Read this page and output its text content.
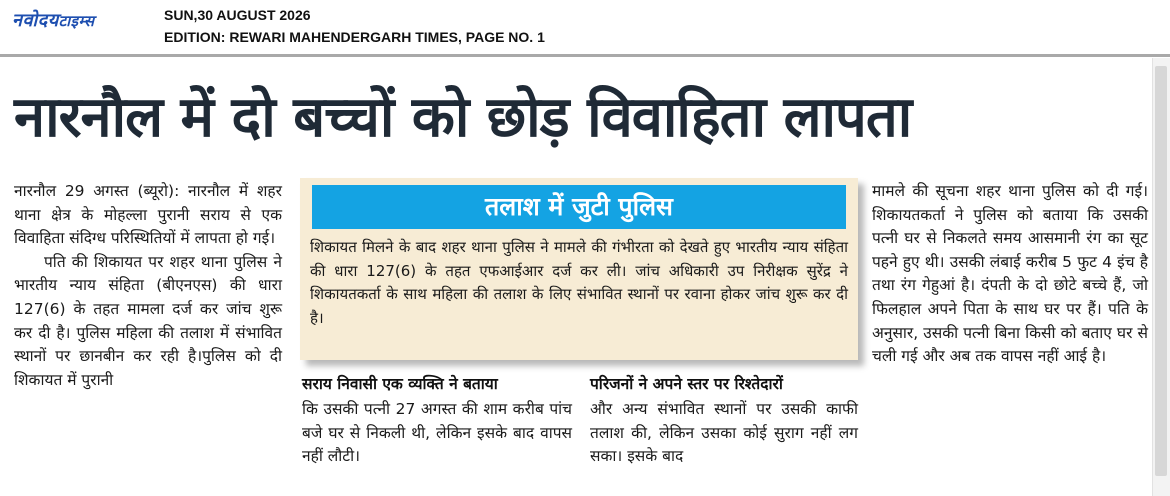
नवोदयटाइम्स	SUN,30 AUGUST 2026
EDITION: REWARI MAHENDERGARH TIMES, PAGE NO. 1
नारनौल में दो बच्चों को छोड़ विवाहिता लापता

नारनौल 29 अगस्त (ब्यूरो): नारनौल में शहर थाना क्षेत्र के मोहल्ला पुरानी सराय से एक विवाहिता संदिग्ध परिस्थितियों में लापता हो गई।

पति की शिकायत पर शहर थाना पुलिस ने भारतीय न्याय संहिता (बीएनएस) की धारा 127(6) के तहत मामला दर्ज कर जांच शुरू कर दी है। पुलिस महिला की तलाश में संभावित स्थानों पर छानबीन कर रही है।पुलिस को दी शिकायत में पुरानी

तलाश में जुटी पुलिस
शिकायत मिलने के बाद शहर थाना पुलिस ने मामले की गंभीरता को देखते हुए भारतीय न्याय संहिता की धारा 127(6) के तहत एफआईआर दर्ज कर ली। जांच अधिकारी उप निरीक्षक सुरेंद्र ने शिकायतकर्ता के साथ महिला की तलाश के लिए संभावित स्थानों पर रवाना होकर जांच शुरू कर दी है।
सराय निवासी एक व्यक्ति ने बताया
कि उसकी पत्नी 27 अगस्त की शाम करीब पांच बजे घर से निकली थी, लेकिन इसके बाद वापस नहीं लौटी।
परिजनों ने अपने स्तर पर रिश्तेदारों
और अन्य संभावित स्थानों पर उसकी काफी तलाश की, लेकिन उसका कोई सुराग नहीं लग सका। इसके बाद
मामले की सूचना शहर थाना पुलिस को दी गई। शिकायतकर्ता ने पुलिस को बताया कि उसकी पत्नी घर से निकलते समय आसमानी रंग का सूट पहने हुए थी। उसकी लंबाई करीब 5 फुट 4 इंच है तथा रंग गेहुआं है। दंपती के दो छोटे बच्चे हैं, जो फिलहाल अपने पिता के साथ घर पर हैं। पति के अनुसार, उसकी पत्नी बिना किसी को बताए घर से चली गई और अब तक वापस नहीं आई है।
